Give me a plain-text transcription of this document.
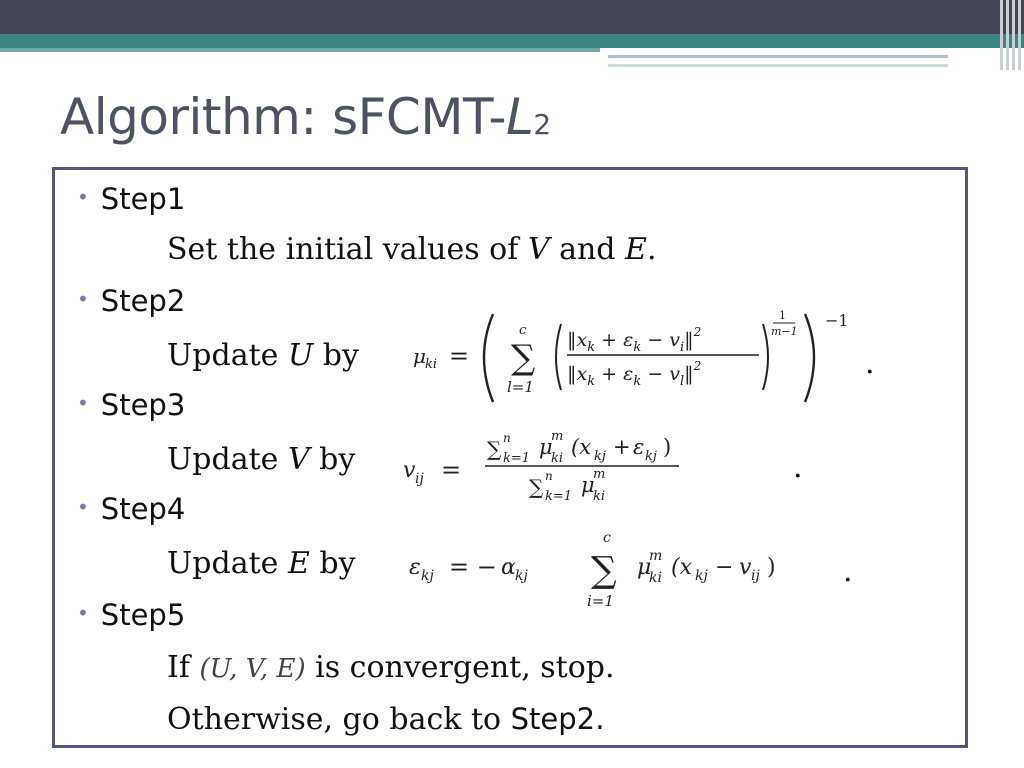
Algorithm: sFCMT-L2
• Step1
Set the initial values of V and E.
• Step2
Update U by	μ ki =
c
∑
l=1
$‖x_k + \varepsilon_k$ − $v_i‖^2$
$‖x_k + \varepsilon_k$ − $v_l‖^2$
1
m−1
−1
.
• Step3
Update V by v ij =
∑ n
k=1 μ
m
ki (x kj + ε kj )
∑ n
k=1 μ
m
ki
.
• Step4
Update E by ε kj = − α kj
c
∑
i=1
μ
m
ki (x kj − v ij ) .
• Step5
If (U, V, E) is convergent, stop.
Otherwise, go back to Step2.
